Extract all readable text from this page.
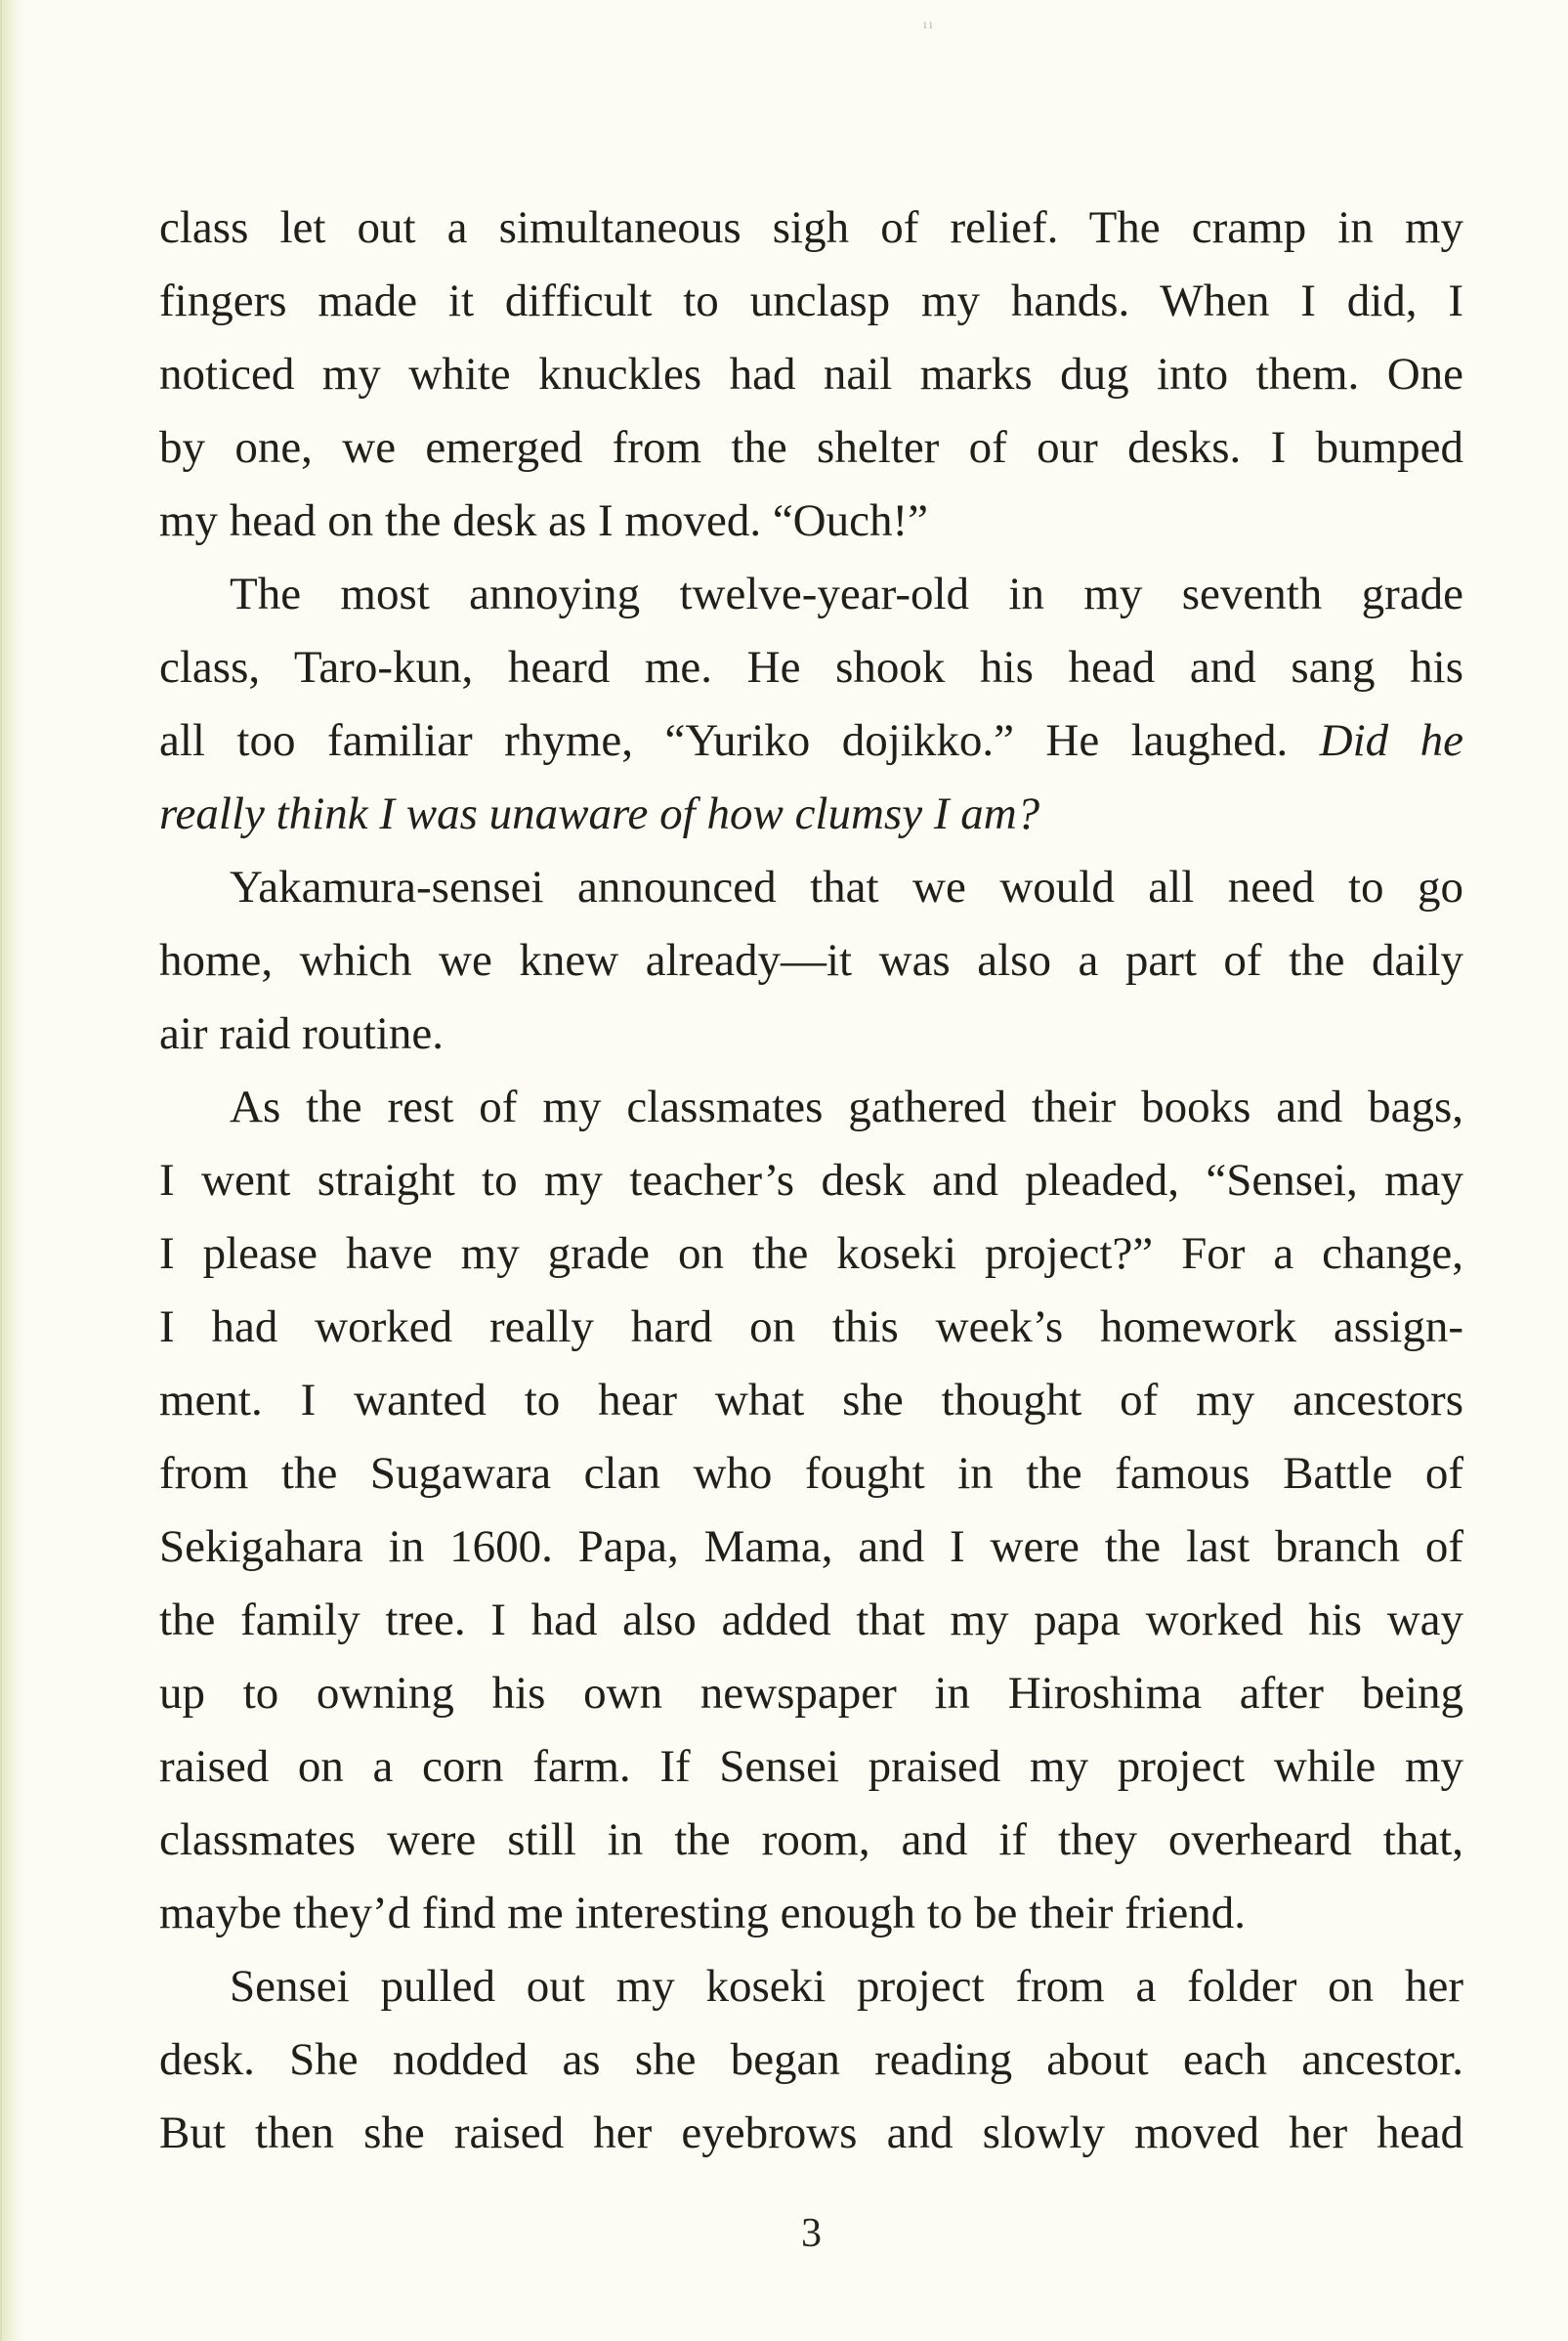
ıı
class let out a simultaneous sigh of relief. The cramp in my
fingers made it difficult to unclasp my hands. When I did, I
noticed my white knuckles had nail marks dug into them. One
by one, we emerged from the shelter of our desks. I bumped
my head on the desk as I moved. “Ouch!”
The most annoying twelve-year-old in my seventh grade
class, Taro-kun, heard me. He shook his head and sang his
all too familiar rhyme, “Yuriko dojikko.” He laughed. Did he
really think I was unaware of how clumsy I am?
Yakamura-sensei announced that we would all need to go
home, which we knew already—it was also a part of the daily
air raid routine.
As the rest of my classmates gathered their books and bags,
I went straight to my teacher’s desk and pleaded, “Sensei, may
I please have my grade on the koseki project?” For a change,
I had worked really hard on this week’s homework assign-
ment. I wanted to hear what she thought of my ancestors
from the Sugawara clan who fought in the famous Battle of
Sekigahara in 1600. Papa, Mama, and I were the last branch of
the family tree. I had also added that my papa worked his way
up to owning his own newspaper in Hiroshima after being
raised on a corn farm. If Sensei praised my project while my
classmates were still in the room, and if they overheard that,
maybe they’d find me interesting enough to be their friend.
Sensei pulled out my koseki project from a folder on her
desk. She nodded as she began reading about each ancestor.
But then she raised her eyebrows and slowly moved her head
3
